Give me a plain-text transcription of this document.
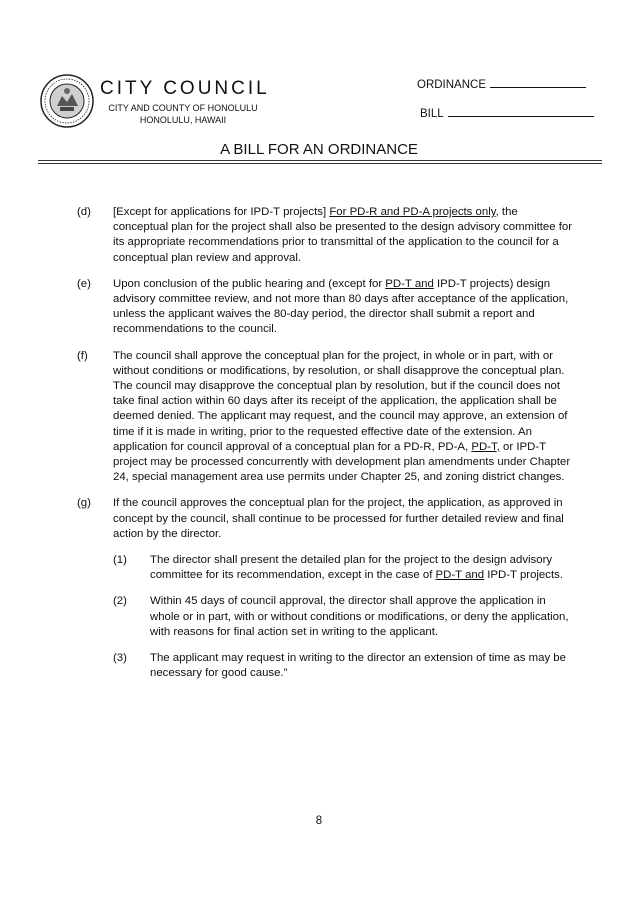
CITY COUNCIL
CITY AND COUNTY OF HONOLULU
HONOLULU, HAWAII
ORDINANCE
BILL
A BILL FOR AN ORDINANCE
(d) [Except for applications for IPD-T projects] For PD-R and PD-A projects only, the conceptual plan for the project shall also be presented to the design advisory committee for its appropriate recommendations prior to transmittal of the application to the council for a conceptual plan review and approval.
(e) Upon conclusion of the public hearing and (except for PD-T and IPD-T projects) design advisory committee review, and not more than 80 days after acceptance of the application, unless the applicant waives the 80-day period, the director shall submit a report and recommendations to the council.
(f) The council shall approve the conceptual plan for the project, in whole or in part, with or without conditions or modifications, by resolution, or shall disapprove the conceptual plan. The council may disapprove the conceptual plan by resolution, but if the council does not take final action within 60 days after its receipt of the application, the application shall be deemed denied. The applicant may request, and the council may approve, an extension of time if it is made in writing, prior to the requested effective date of the extension. An application for council approval of a conceptual plan for a PD-R, PD-A, PD-T, or IPD-T project may be processed concurrently with development plan amendments under Chapter 24, special management area use permits under Chapter 25, and zoning district changes.
(g) If the council approves the conceptual plan for the project, the application, as approved in concept by the council, shall continue to be processed for further detailed review and final action by the director.
(1) The director shall present the detailed plan for the project to the design advisory committee for its recommendation, except in the case of PD-T and IPD-T projects.
(2) Within 45 days of council approval, the director shall approve the application in whole or in part, with or without conditions or modifications, or deny the application, with reasons for final action set in writing to the applicant.
(3) The applicant may request in writing to the director an extension of time as may be necessary for good cause.”
8
